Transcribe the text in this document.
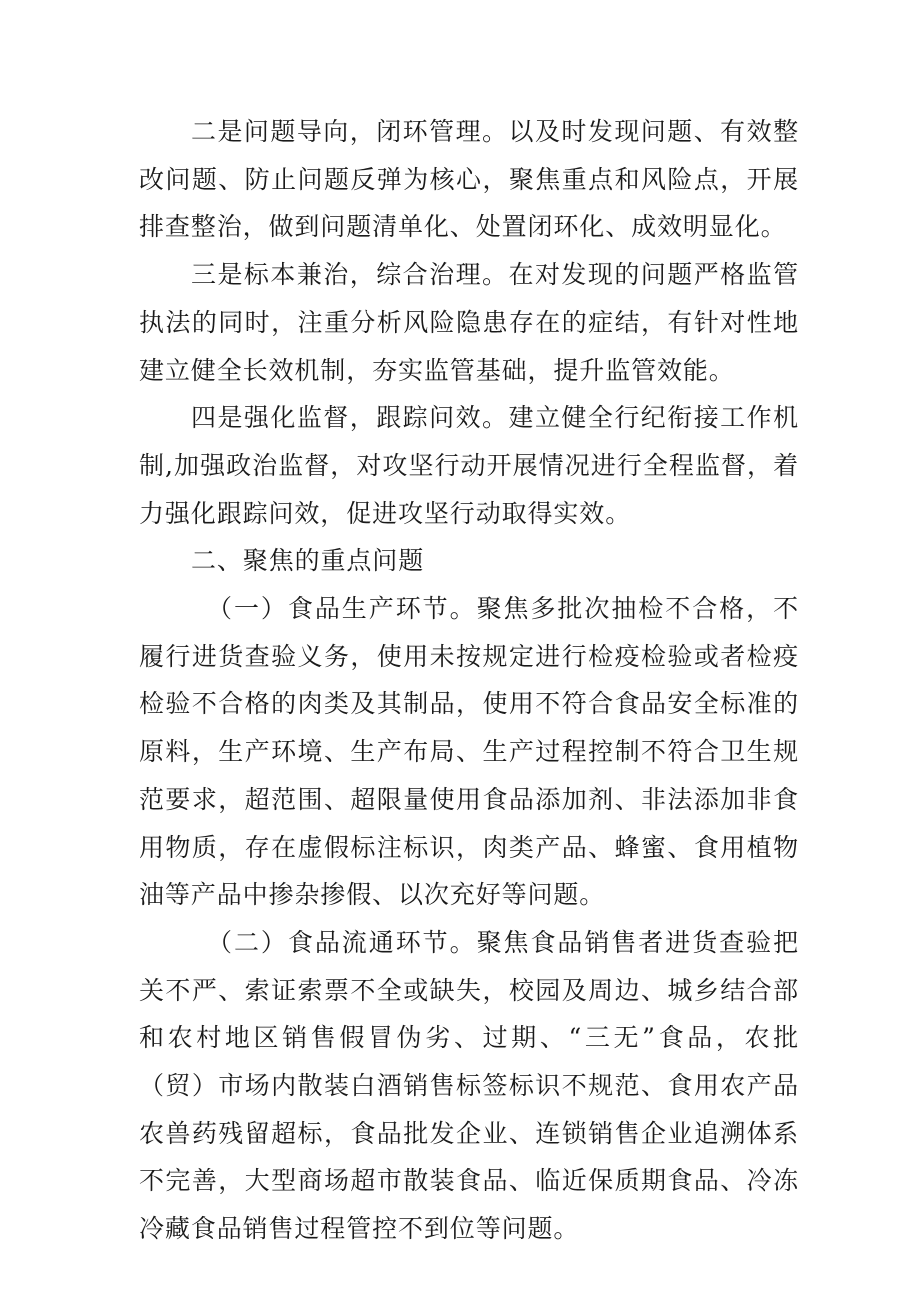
二是问题导向，闭环管理。以及时发现问题、有效整改问题、防止问题反弹为核心，聚焦重点和风险点，开展排查整治，做到问题清单化、处置闭环化、成效明显化。

三是标本兼治，综合治理。在对发现的问题严格监管执法的同时，注重分析风险隐患存在的症结，有针对性地建立健全长效机制，夯实监管基础，提升监管效能。

四是强化监督，跟踪问效。建立健全行纪衔接工作机制,加强政治监督，对攻坚行动开展情况进行全程监督，着力强化跟踪问效，促进攻坚行动取得实效。

二、聚焦的重点问题

（一）食品生产环节。聚焦多批次抽检不合格，不履行进货查验义务，使用未按规定进行检疫检验或者检疫检验不合格的肉类及其制品，使用不符合食品安全标准的原料，生产环境、生产布局、生产过程控制不符合卫生规范要求，超范围、超限量使用食品添加剂、非法添加非食用物质，存在虚假标注标识，肉类产品、蜂蜜、食用植物油等产品中掺杂掺假、以次充好等问题。

（二）食品流通环节。聚焦食品销售者进货查验把关不严、索证索票不全或缺失，校园及周边、城乡结合部和农村地区销售假冒伪劣、过期、“三无”食品，农批（贸）市场内散装白酒销售标签标识不规范、食用农产品农兽药残留超标，食品批发企业、连锁销售企业追溯体系不完善，大型商场超市散装食品、临近保质期食品、冷冻冷藏食品销售过程管控不到位等问题。
